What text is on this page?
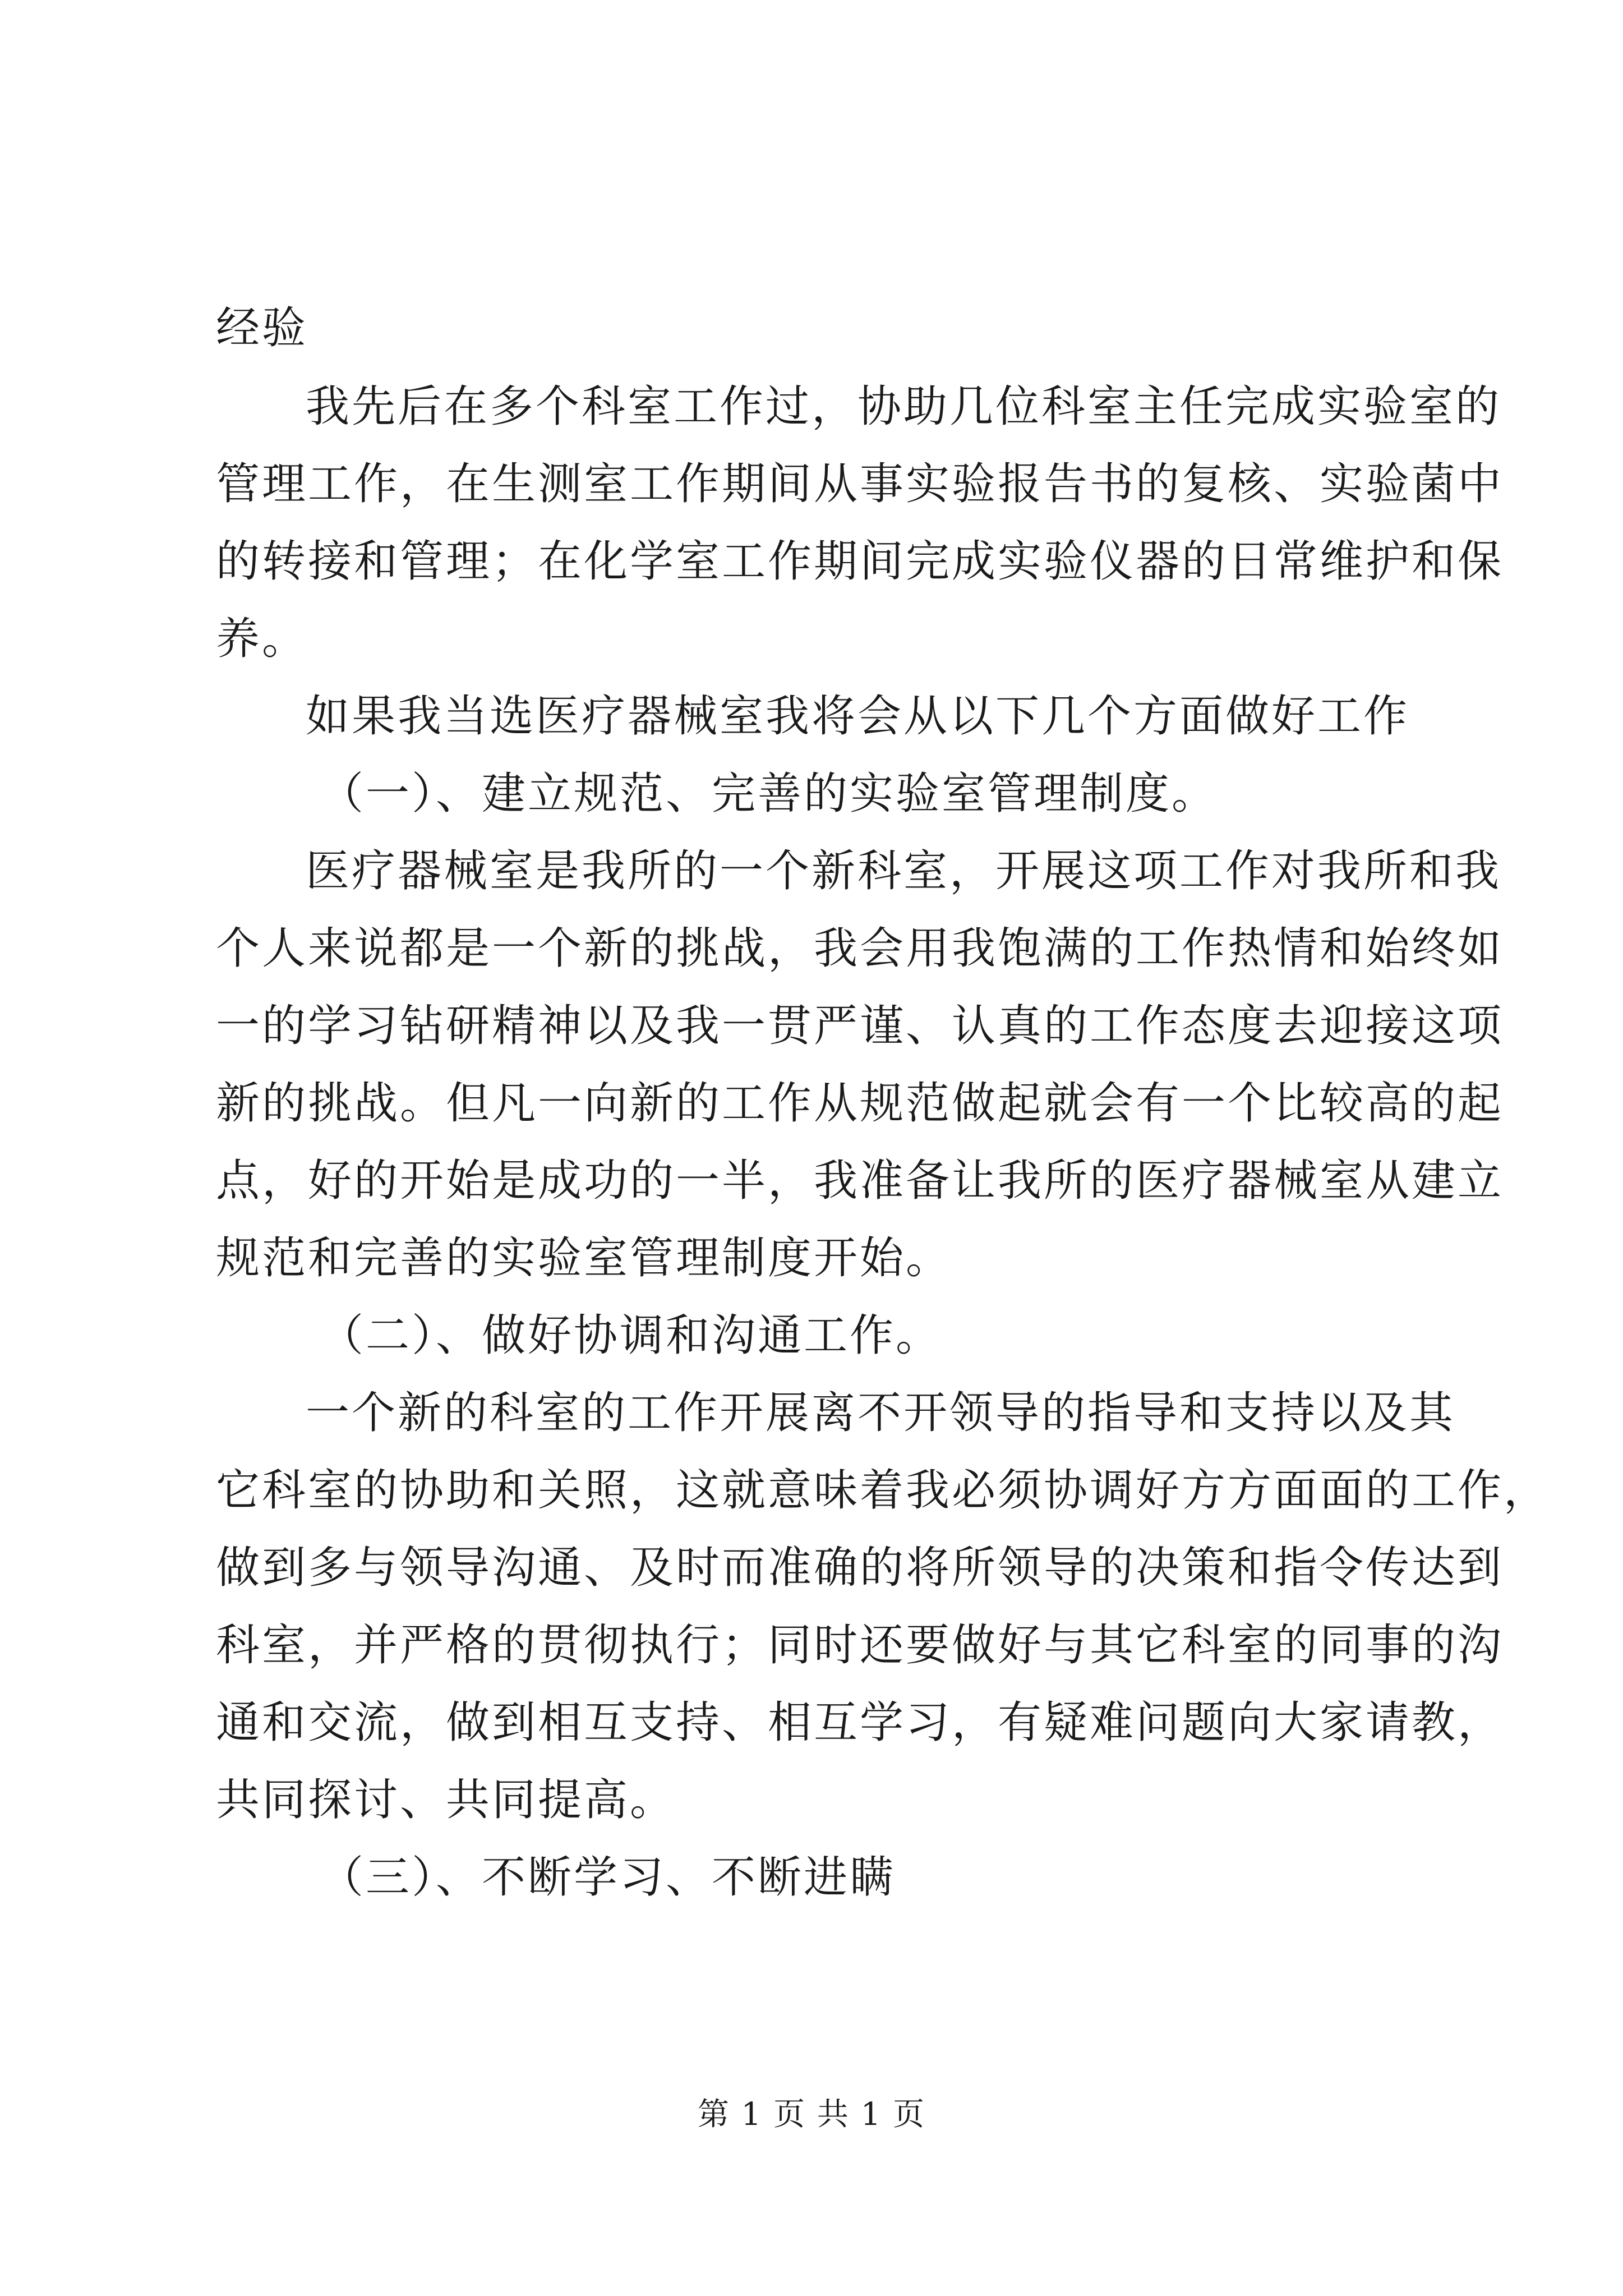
经验
我先后在多个科室工作过，协助几位科室主任完成实验室的
管理工作，在生测室工作期间从事实验报告书的复核、实验菌中
的转接和管理；在化学室工作期间完成实验仪器的日常维护和保
养。
如果我当选医疗器械室我将会从以下几个方面做好工作
（一）、建立规范、完善的实验室管理制度。
医疗器械室是我所的一个新科室，开展这项工作对我所和我
个人来说都是一个新的挑战，我会用我饱满的工作热情和始终如
一的学习钻研精神以及我一贯严谨、认真的工作态度去迎接这项
新的挑战。但凡一向新的工作从规范做起就会有一个比较高的起
点，好的开始是成功的一半，我准备让我所的医疗器械室从建立
规范和完善的实验室管理制度开始。
（二）、做好协调和沟通工作。
一个新的科室的工作开展离不开领导的指导和支持以及其
它科室的协助和关照，这就意味着我必须协调好方方面面的工作，
做到多与领导沟通、及时而准确的将所领导的决策和指令传达到
科室，并严格的贯彻执行；同时还要做好与其它科室的同事的沟
通和交流，做到相互支持、相互学习，有疑难问题向大家请教，
共同探讨、共同提高。
（三）、不断学习、不断进瞒
第 1 页 共 1 页
